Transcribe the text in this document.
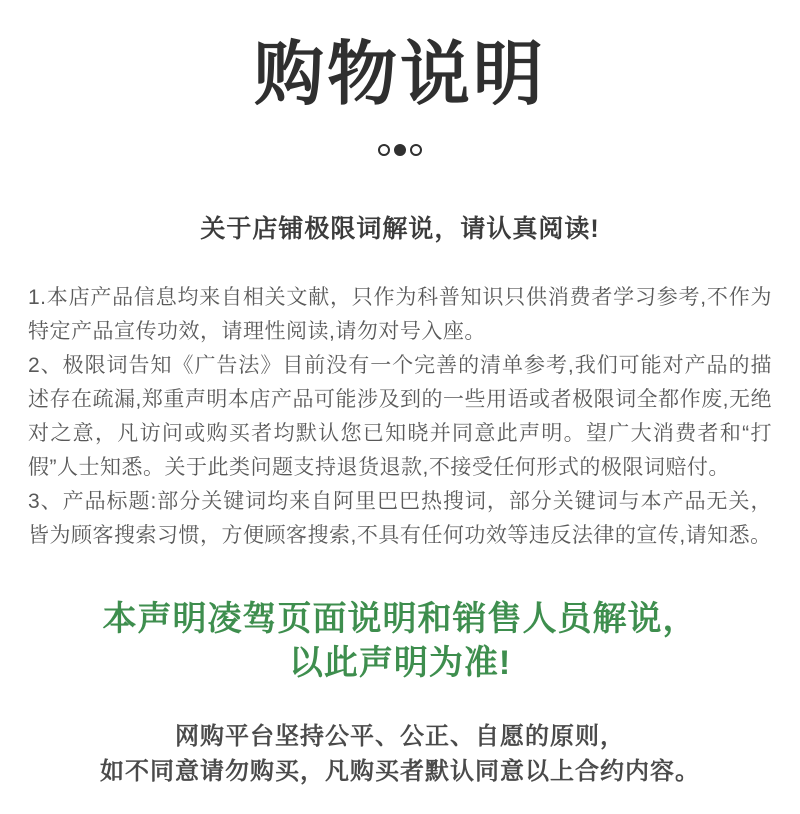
购物说明
关于店铺极限词解说，请认真阅读!

1.本店产品信息均来自相关文献，只作为科普知识只供消费者学习参考,不作为特定产品宣传功效，请理性阅读,请勿对号入座。

2、极限词告知《广告法》目前没有一个完善的清单参考,我们可能对产品的描述存在疏漏,郑重声明本店产品可能涉及到的一些用语或者极限词全都作废,无绝对之意，凡访问或购买者均默认您已知晓并同意此声明。望广大消费者和“打假”人士知悉。关于此类问题支持退货退款,不接受任何形式的极限词赔付。

3、产品标题:部分关键词均来自阿里巴巴热搜词，部分关键词与本产品无关，皆为顾客搜索习惯，方便顾客搜索,不具有任何功效等违反法律的宣传,请知悉。

本声明凌驾页面说明和销售人员解说，
以此声明为准!
网购平台坚持公平、公正、自愿的原则，
如不同意请勿购买，凡购买者默认同意以上合约内容。
